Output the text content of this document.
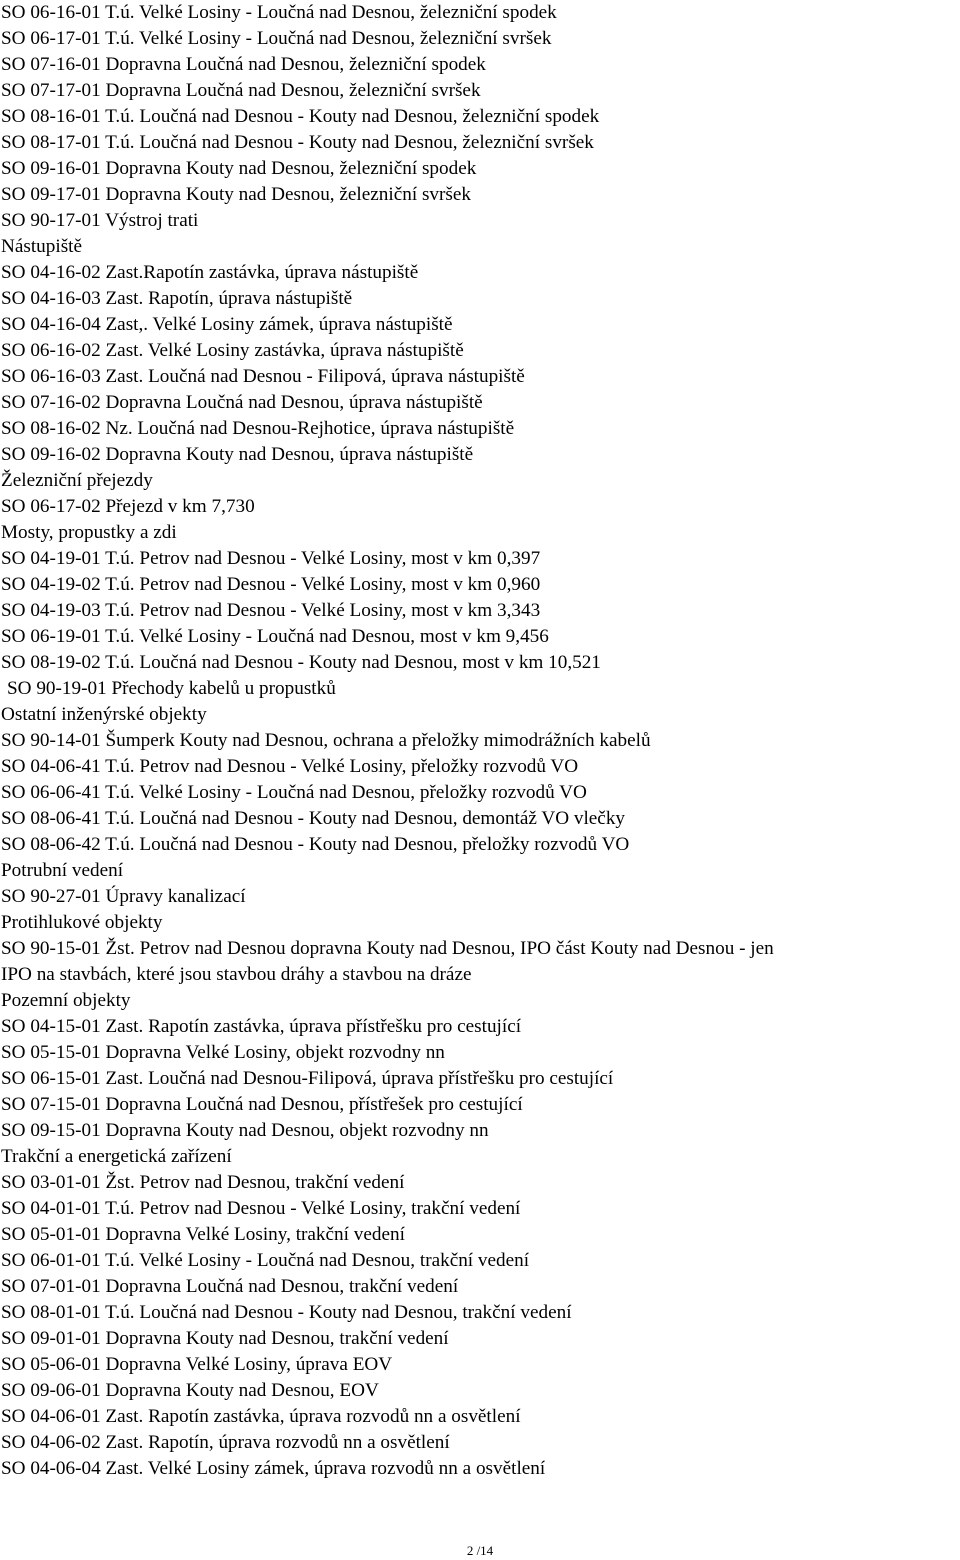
SO 06-16-01 T.ú. Velké Losiny - Loučná nad Desnou, železniční spodek
SO 06-17-01 T.ú. Velké Losiny - Loučná nad Desnou, železniční svršek
SO 07-16-01 Dopravna Loučná nad Desnou, železniční spodek
SO 07-17-01 Dopravna Loučná nad Desnou, železniční svršek
SO 08-16-01 T.ú. Loučná nad Desnou - Kouty nad Desnou, železniční spodek
SO 08-17-01 T.ú. Loučná nad Desnou - Kouty nad Desnou, železniční svršek
SO 09-16-01 Dopravna Kouty nad Desnou, železniční spodek
SO 09-17-01 Dopravna Kouty nad Desnou, železniční svršek
SO 90-17-01 Výstroj trati
Nástupiště
SO 04-16-02 Zast.Rapotín zastávka, úprava nástupiště
SO 04-16-03 Zast. Rapotín, úprava nástupiště
SO 04-16-04 Zast,. Velké Losiny zámek, úprava nástupiště
SO 06-16-02 Zast. Velké Losiny zastávka, úprava nástupiště
SO 06-16-03 Zast. Loučná nad Desnou - Filipová, úprava nástupiště
SO 07-16-02 Dopravna Loučná nad Desnou, úprava nástupiště
SO 08-16-02 Nz. Loučná nad Desnou-Rejhotice, úprava nástupiště
SO 09-16-02 Dopravna Kouty nad Desnou, úprava nástupiště
Železniční přejezdy
SO 06-17-02 Přejezd v km 7,730
Mosty, propustky a zdi
SO 04-19-01 T.ú. Petrov nad Desnou - Velké Losiny, most v km 0,397
SO 04-19-02 T.ú. Petrov nad Desnou - Velké Losiny, most v km 0,960
SO 04-19-03 T.ú. Petrov nad Desnou - Velké Losiny, most v km 3,343
SO 06-19-01 T.ú. Velké Losiny - Loučná nad Desnou, most v km 9,456
SO 08-19-02 T.ú. Loučná nad Desnou - Kouty nad Desnou, most v km 10,521
SO 90-19-01 Přechody kabelů u propustků
Ostatní inženýrské objekty
SO 90-14-01 Šumperk Kouty nad Desnou, ochrana a přeložky mimodrážních kabelů
SO 04-06-41 T.ú. Petrov nad Desnou - Velké Losiny, přeložky rozvodů VO
SO 06-06-41 T.ú. Velké Losiny - Loučná nad Desnou, přeložky rozvodů VO
SO 08-06-41 T.ú. Loučná nad Desnou - Kouty nad Desnou, demontáž VO vlečky
SO 08-06-42 T.ú. Loučná nad Desnou - Kouty nad Desnou, přeložky rozvodů VO
Potrubní vedení
SO 90-27-01 Úpravy kanalizací
Protihlukové objekty
SO 90-15-01 Žst. Petrov nad Desnou dopravna Kouty nad Desnou, IPO část Kouty nad Desnou - jen
IPO na stavbách, které jsou stavbou dráhy a stavbou na dráze
Pozemní objekty
SO 04-15-01 Zast. Rapotín zastávka, úprava přístřešku pro cestující
SO 05-15-01 Dopravna Velké Losiny, objekt rozvodny nn
SO 06-15-01 Zast. Loučná nad Desnou-Filipová, úprava přístřešku pro cestující
SO 07-15-01 Dopravna Loučná nad Desnou, přístřešek pro cestující
SO 09-15-01 Dopravna Kouty nad Desnou, objekt rozvodny nn
Trakční a energetická zařízení
SO 03-01-01 Žst. Petrov nad Desnou, trakční vedení
SO 04-01-01 T.ú. Petrov nad Desnou - Velké Losiny, trakční vedení
SO 05-01-01 Dopravna Velké Losiny, trakční vedení
SO 06-01-01 T.ú. Velké Losiny - Loučná nad Desnou, trakční vedení
SO 07-01-01 Dopravna Loučná nad Desnou, trakční vedení
SO 08-01-01 T.ú. Loučná nad Desnou - Kouty nad Desnou, trakční vedení
SO 09-01-01 Dopravna Kouty nad Desnou, trakční vedení
SO 05-06-01 Dopravna Velké Losiny, úprava EOV
SO 09-06-01 Dopravna Kouty nad Desnou, EOV
SO 04-06-01 Zast. Rapotín zastávka, úprava rozvodů nn a osvětlení
SO 04-06-02 Zast. Rapotín, úprava rozvodů nn a osvětlení
SO 04-06-04 Zast. Velké Losiny zámek, úprava rozvodů nn a osvětlení
2 /14
